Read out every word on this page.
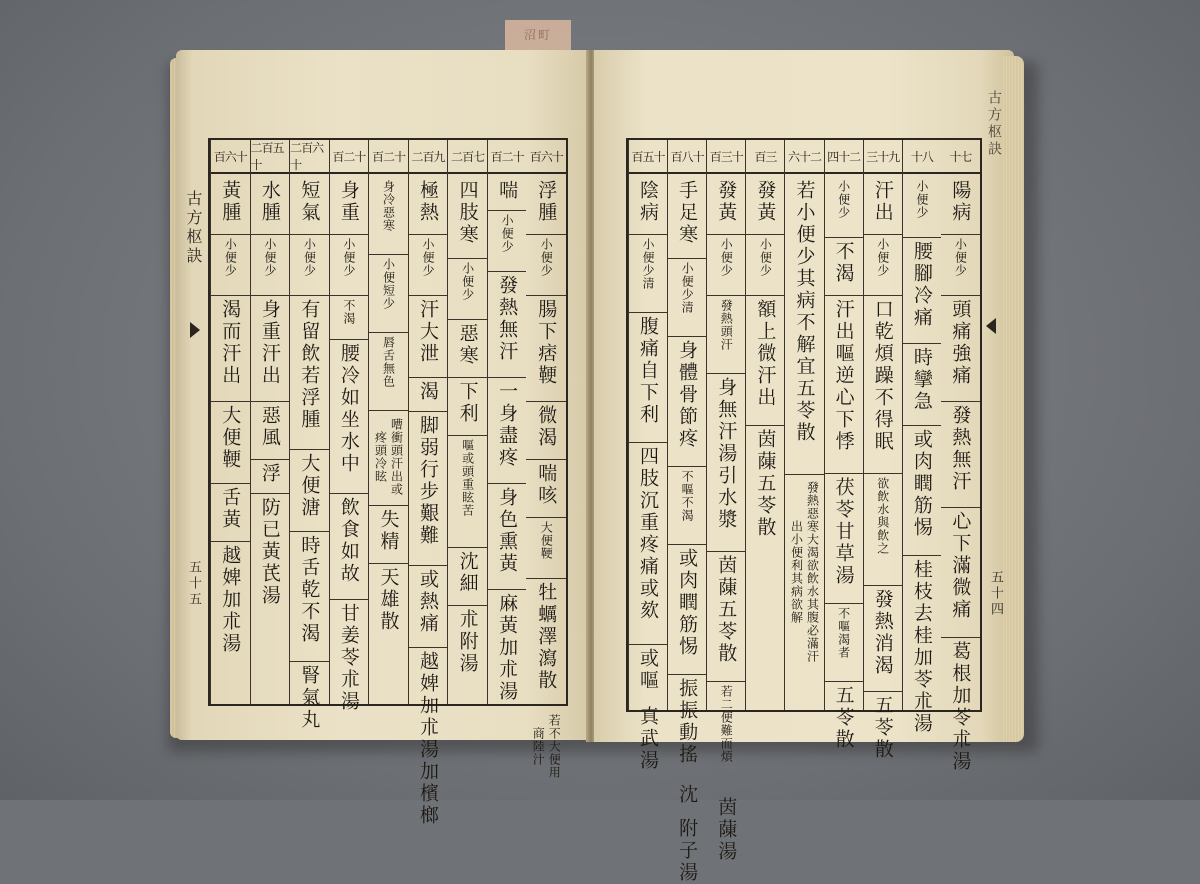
沼町
古方枢訣
五十五
古方枢訣
五十四
百六十
浮腫
小便少
腸下痞鞕
微渴
喘咳
大便鞕
牡蠣澤瀉散
若不大便用商陸汁
百二十
喘
小便少
發熱無汗
一身盡疼
身色熏黃
麻黃加朮湯
二百七
四肢寒
小便少
惡寒
下利
嘔或頭重眩苦
沈細
朮附湯
二百九
極熱
小便少
汗大泄
渴
脚弱行步艱難
或熱痛
越婢加朮湯加檳榔
百二十
身冷惡寒
小便短少
唇舌無色
嘈衝頭汗出或疼頭冷眩
失精
天雄散
百二十
身重
小便少
不渴
腰冷如坐水中
飲食如故
甘姜苓朮湯
二百六十
短氣
小便少
有留飲若浮腫
大便溏
時舌乾不渴
腎氣丸
二百五十
水腫
小便少
身重汗出
惡風
浮
防已黃芪湯
百六十
黃腫
小便少
渴而汗出
大便鞕
舌黃
越婢加朮湯
十七
陽病
小便少
頭痛強痛
發熱無汗
心下滿微痛
葛根加苓朮湯
十八
小便少
腰腳冷痛
時攣急
或肉瞤筋惕
桂枝去桂加苓朮湯
三十九
汗出
小便少
口乾煩躁不得眠
欲飲水與飲之
發熱消渴
五苓散
四十二
小便少
不渴
汗出嘔逆心下悸
茯苓甘草湯
不嘔渴者
五苓散
六十二
若小便少其病不解宜五苓散
發熱惡寒大渴欲飲水其腹必滿汗出小便利其病欲解
百三
發黃
小便少
額上微汗出
茵蔯五苓散
百三十
發黃
小便少
發熱頭汗
身無汗湯引水漿
茵蔯五苓散
若二便難而煩
茵蔯湯
百八十
手足寒
小便少清
身體骨節疼
不嘔不渴
或肉瞤筋惕
振振動搖
沈
附子湯
百五十
陰病
小便少清
腹痛自下利
四肢沉重疼痛或欬
或嘔
真武湯
